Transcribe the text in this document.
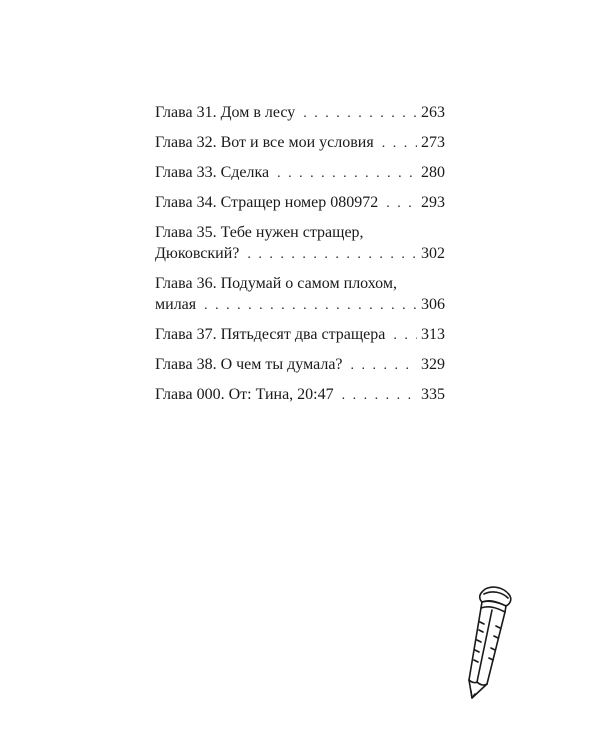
Глава 31. Дом в лесу . . .	263
Глава 32. Вот и все мои условия . . .	273
Глава 33. Сделка . . .	280
Глава 34. Стращер номер 080972 . . .	293
Глава 35. Тебе нужен стращер,
Дюковский? . . .	302
Глава 36. Подумай о самом плохом,
милая . . .	306
Глава 37. Пятьдесят два стращера . . . 313
Глава 38. О чем ты думала? . . .	329
Глава 000. От: Тина, 20:47 . . .	335
